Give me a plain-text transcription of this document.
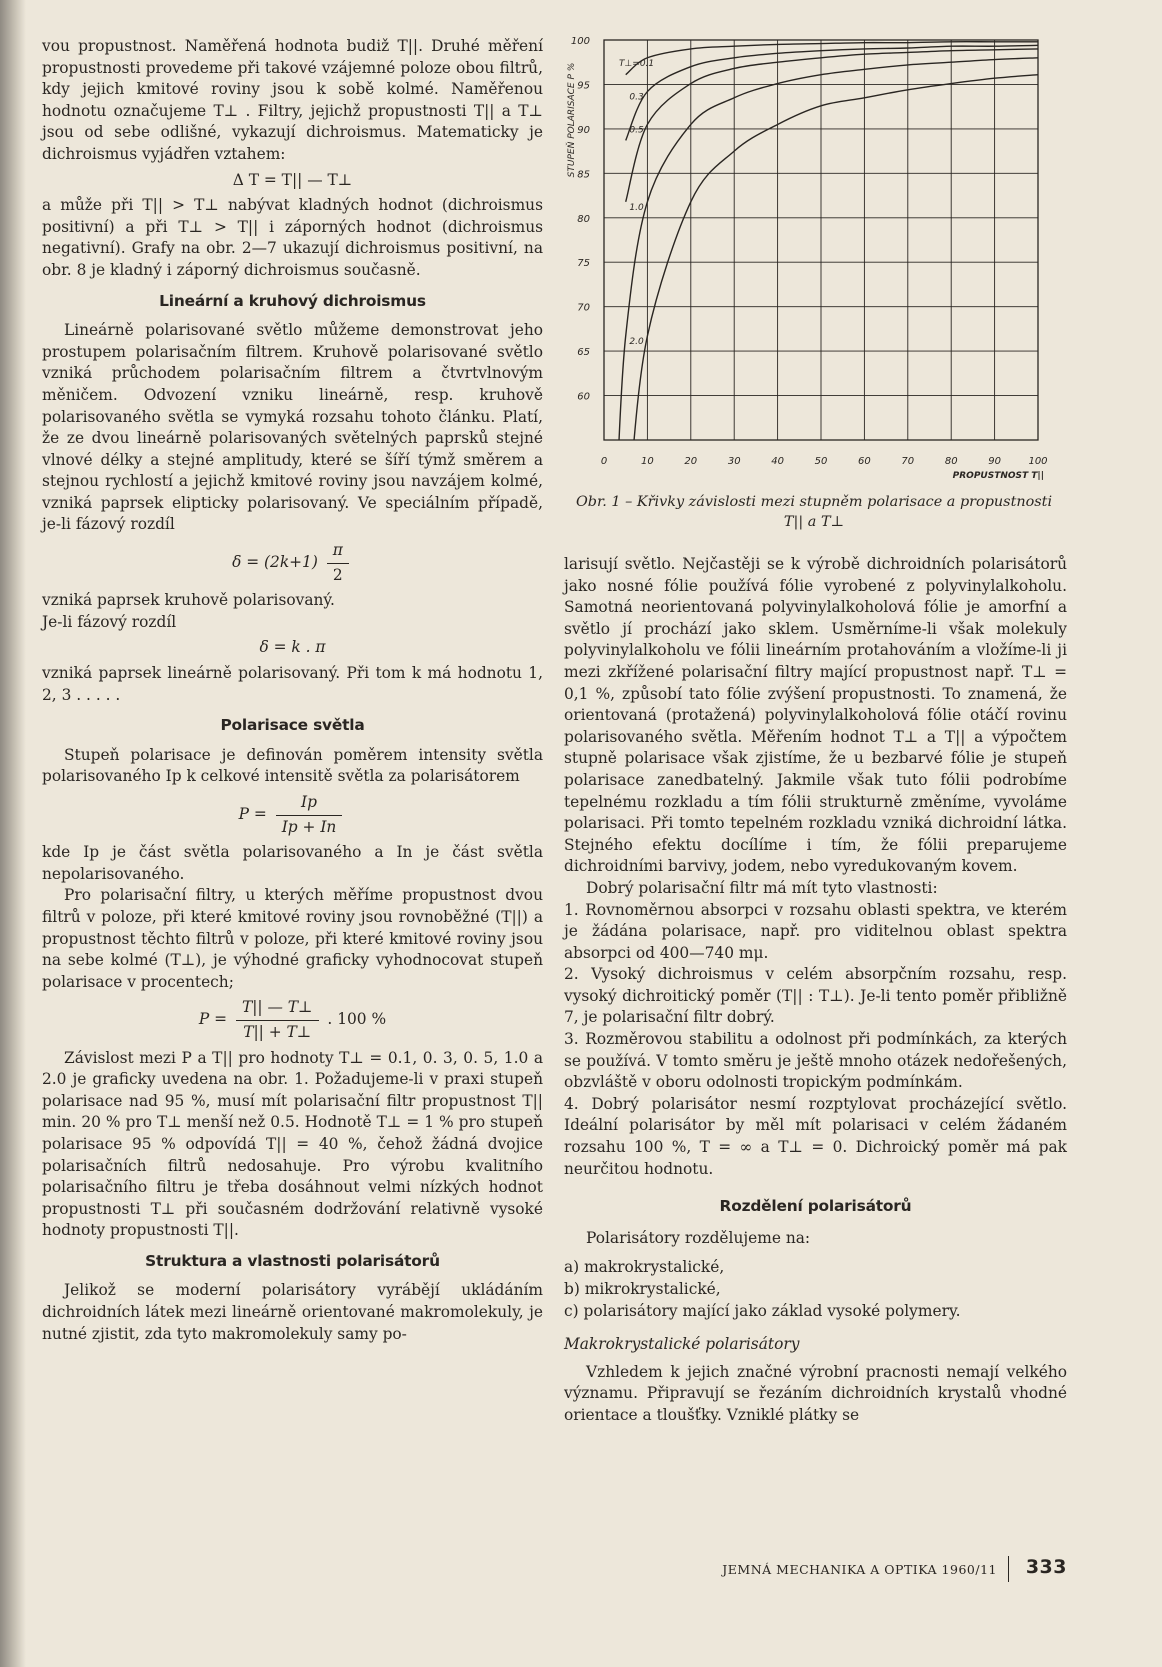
vou propustnost. Naměřená hodnota budiž T||. Druhé měření propustnosti provedeme při takové vzájemné poloze obou filtrů, kdy jejich kmitové roviny jsou k sobě kolmé. Naměřenou hodnotu označujeme T⊥ . Filtry, jejichž propustnosti T|| a T⊥ jsou od sebe odlišné, vykazují dichroismus. Matematicky je dichroismus vyjádřen vztahem:

Δ T = T|| — T⊥

a může při T|| > T⊥ nabývat kladných hodnot (dichroismus positivní) a při T⊥ > T|| i záporných hodnot (dichroismus negativní). Grafy na obr. 2—7 ukazují dichroismus positivní, na obr. 8 je kladný i záporný dichroismus současně.

Lineární a kruhový dichroismus

Lineárně polarisované světlo můžeme demonstrovat jeho prostupem polarisačním filtrem. Kruhově polarisované světlo vzniká průchodem polarisačním filtrem a čtvrtvlnovým měničem. Odvození vzniku lineárně, resp. kruhově polarisovaného světla se vymyká rozsahu tohoto článku. Platí, že ze dvou lineárně polarisovaných světelných paprsků stejné vlnové délky a stejné amplitudy, které se šíří týmž směrem a stejnou rychlostí a jejichž kmitové roviny jsou navzájem kolmé, vzniká paprsek elipticky polarisovaný. Ve speciálním případě, je-li fázový rozdíl

$\delta = (2k+1) \frac{\pi}{2}$

vzniká paprsek kruhově polarisovaný.

Je-li fázový rozdíl

δ = k . π

vzniká paprsek lineárně polarisovaný. Při tom k má hodnotu 1, 2, 3 . . . . .

Polarisace světla

Stupeň polarisace je definován poměrem intensity světla polarisovaného Ip k celkové intensitě světla za polarisátorem

$P = \frac{Ip}{Ip + In}$

kde Ip je část světla polarisovaného a In je část světla nepolarisovaného.

Pro polarisační filtry, u kterých měříme propustnost dvou filtrů v poloze, při které kmitové roviny jsou rovnoběžné (T||) a propustnost těchto filtrů v poloze, při které kmitové roviny jsou na sebe kolmé (T⊥), je výhodné graficky vyhodnocovat stupeň polarisace v procentech;

$P = \frac{T|| — T\perp}{T|| + T\perp}$ . 100 %

Závislost mezi P a T|| pro hodnoty T⊥ = 0.1, 0. 3, 0. 5, 1.0 a 2.0 je graficky uvedena na obr. 1. Požadujeme-li v praxi stupeň polarisace nad 95 %, musí mít polarisační filtr propustnost T|| min. 20 % pro T⊥ menší než 0.5. Hodnotě T⊥ = 1 % pro stupeň polarisace 95 % odpovídá T|| = 40 %, čehož žádná dvojice polarisačních filtrů nedosahuje. Pro výrobu kvalitního polarisačního filtru je třeba dosáhnout velmi nízkých hodnot propustnosti T⊥ při současném dodržování relativně vysoké hodnoty propustnosti T||.

Struktura a vlastnosti polarisátorů

Jelikož se moderní polarisátory vyrábějí ukládáním dichroidních látek mezi lineárně orientované makromolekuly, je nutné zjistit, zda tyto makromolekuly samy po-

0	10	20	30	40	50	60	70	80	90	100
60
65
70
75
80
85
90
95
100
PROPUSTNOST T||
STUPEŇ POLARISACE P %	T⊥=0.1
0.3
0.5
1.0
2.0
Obr. 1 – Křivky závislosti mezi stupněm polarisace a propustnosti
T|| a T⊥

larisují světlo. Nejčastěji se k výrobě dichroidních polarisátorů jako nosné fólie používá fólie vyrobené z polyvinylalkoholu. Samotná neorientovaná polyvinylalkoholová fólie je amorfní a světlo jí prochází jako sklem. Usměrníme-li však molekuly polyvinylalkoholu ve fólii lineárním protahováním a vložíme-li ji mezi zkřížené polarisační filtry mající propustnost např. T⊥ = 0,1 %, způsobí tato fólie zvýšení propustnosti. To znamená, že orientovaná (protažená) polyvinylalkoholová fólie otáčí rovinu polarisovaného světla. Měřením hodnot T⊥ a T|| a výpočtem stupně polarisace však zjistíme, že u bezbarvé fólie je stupeň polarisace zanedbatelný. Jakmile však tuto fólii podrobíme tepelnému rozkladu a tím fólii strukturně změníme, vyvoláme polarisaci. Při tomto tepelném rozkladu vzniká dichroidní látka. Stejného efektu docílíme i tím, že fólii preparujeme dichroidními barvivy, jodem, nebo vyredukovaným kovem.

Dobrý polarisační filtr má mít tyto vlastnosti:

1. Rovnoměrnou absorpci v rozsahu oblasti spektra, ve kterém je žádána polarisace, např. pro viditelnou oblast spektra absorpci od 400—740 mμ.

2. Vysoký dichroismus v celém absorpčním rozsahu, resp. vysoký dichroitický poměr (T|| : T⊥). Je-li tento poměr přibližně 7, je polarisační filtr dobrý.

3. Rozměrovou stabilitu a odolnost při podmínkách, za kterých se používá. V tomto směru je ještě mnoho otázek nedořešených, obzvláště v oboru odolnosti tropickým podmínkám.

4. Dobrý polarisátor nesmí rozptylovat procházející světlo. Ideální polarisátor by měl mít polarisaci v celém žádaném rozsahu 100 %, T = ∞ a T⊥ = 0. Dichroický poměr má pak neurčitou hodnotu.

Rozdělení polarisátorů

Polarisátory rozdělujeme na:

a) makrokrystalické,

b) mikrokrystalické,

c) polarisátory mající jako základ vysoké polymery.

Makrokrystalické polarisátory

Vzhledem k jejich značné výrobní pracnosti nemají velkého významu. Připravují se řezáním dichroidních krystalů vhodné orientace a tloušťky. Vzniklé plátky se

JEMNÁ MECHANIKA A OPTIKA 1960/11 333
